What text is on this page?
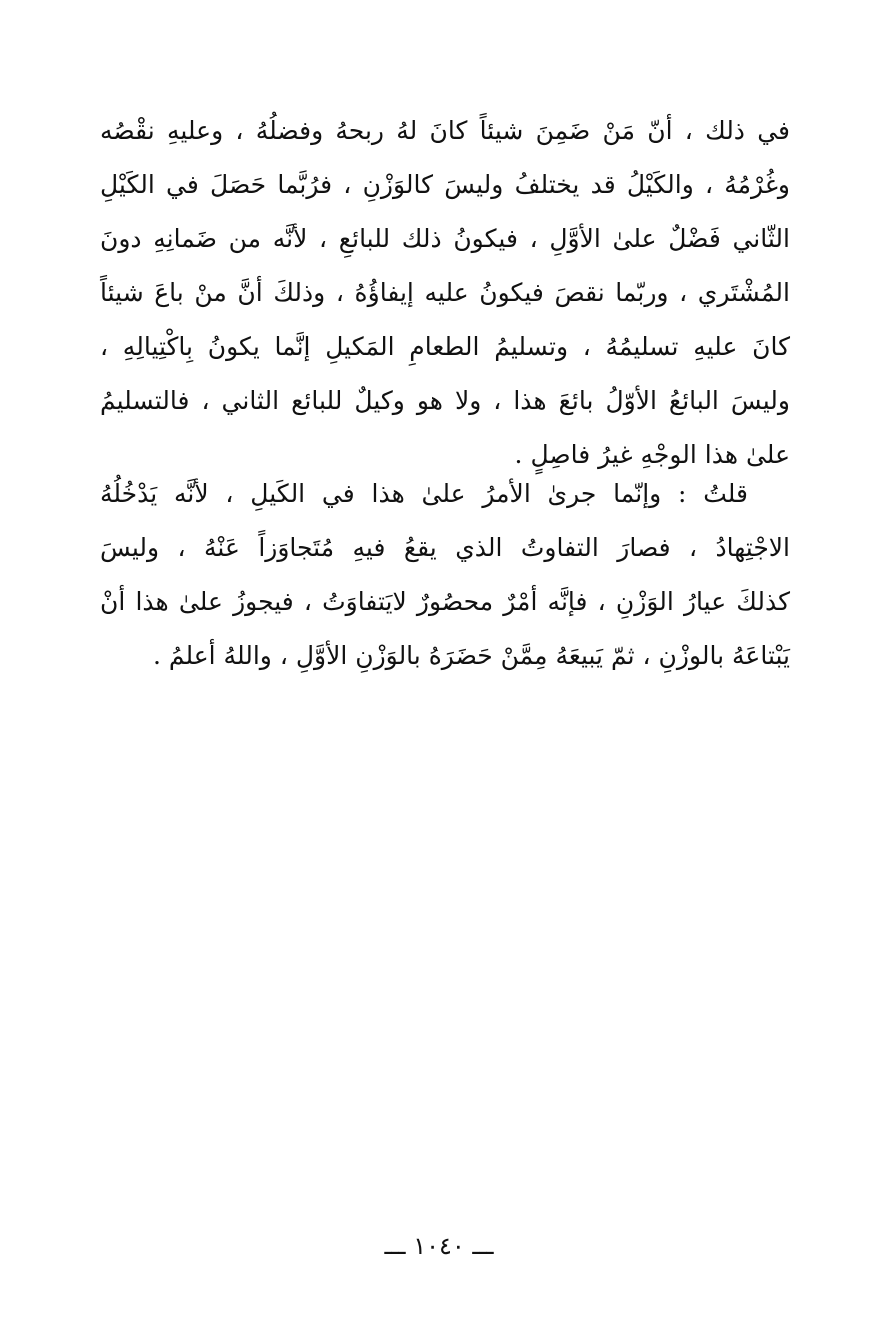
في ذلك ، أنّ مَنْ ضَمِنَ شيئاً كانَ لهُ ربحهُ وفضلُهُ ، وعليهِ نقْصُه
وغُرْمُهُ ، والكَيْلُ قد يختلفُ وليسَ كالوَزْنِ ، فرُبَّما حَصَلَ في الكَيْلِ
الثّاني فَضْلٌ علىٰ الأوَّلِ ، فيكونُ ذلك للبائعِ ، لأنَّه من ضَمانِهِ دونَ
المُشْتَري ، وربّما نقصَ فيكونُ عليه إيفاؤُهُ ، وذلكَ أنَّ منْ باعَ شيئاً
كانَ عليهِ تسليمُهُ ، وتسليمُ الطعامِ المَكيلِ إنَّما يكونُ بِاكْتِيالِهِ ،
وليسَ البائعُ الأوّلُ بائعَ هذا ، ولا هو وكيلٌ للبائع الثاني ، فالتسليمُ
علىٰ هذا الوجْهِ غيرُ فاصِلٍ .
قلتُ : وإنّما جرىٰ الأمرُ علىٰ هذا في الكَيلِ ، لأنَّه يَدْخُلُهُ
الاجْتِهادُ ، فصارَ التفاوتُ الذي يقعُ فيهِ مُتَجاوَزاً عَنْهُ ، وليسَ
كذلكَ عيارُ الوَزْنِ ، فإنَّه أمْرٌ محصُورٌ لايَتفاوَتُ ، فيجوزُ علىٰ هذا أنْ
يَبْتاعَهُ بالوزْنِ ، ثمّ يَبيعَهُ مِمَّنْ حَضَرَهُ بالوَزْنِ الأوَّلِ ، واللهُ أعلمُ .
ـــ ١٠٤٠ ـــ
